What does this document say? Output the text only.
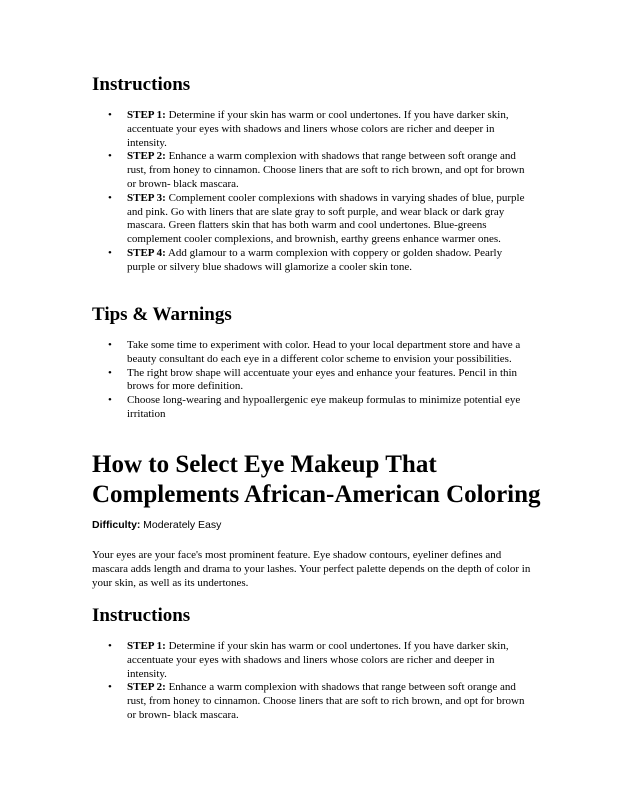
Instructions
• STEP 1: Determine if your skin has warm or cool undertones. If you have darker skin, accentuate your eyes with shadows and liners whose colors are richer and deeper in intensity.
• STEP 2: Enhance a warm complexion with shadows that range between soft orange and rust, from honey to cinnamon. Choose liners that are soft to rich brown, and opt for brown or brown- black mascara.
• STEP 3: Complement cooler complexions with shadows in varying shades of blue, purple and pink. Go with liners that are slate gray to soft purple, and wear black or dark gray mascara. Green flatters skin that has both warm and cool undertones. Blue-greens complement cooler complexions, and brownish, earthy greens enhance warmer ones.
• STEP 4: Add glamour to a warm complexion with coppery or golden shadow. Pearly purple or silvery blue shadows will glamorize a cooler skin tone.
Tips & Warnings
• Take some time to experiment with color. Head to your local department store and have a beauty consultant do each eye in a different color scheme to envision your possibilities.
• The right brow shape will accentuate your eyes and enhance your features. Pencil in thin brows for more definition.
• Choose long-wearing and hypoallergenic eye makeup formulas to minimize potential eye irritation
How to Select Eye Makeup That
Complements African-American Coloring

Difficulty: Moderately Easy

Your eyes are your face's most prominent feature. Eye shadow contours, eyeliner defines and mascara adds length and drama to your lashes. Your perfect palette depends on the depth of color in your skin, as well as its undertones.

Instructions
• STEP 1: Determine if your skin has warm or cool undertones. If you have darker skin, accentuate your eyes with shadows and liners whose colors are richer and deeper in intensity.
• STEP 2: Enhance a warm complexion with shadows that range between soft orange and rust, from honey to cinnamon. Choose liners that are soft to rich brown, and opt for brown or brown- black mascara.
